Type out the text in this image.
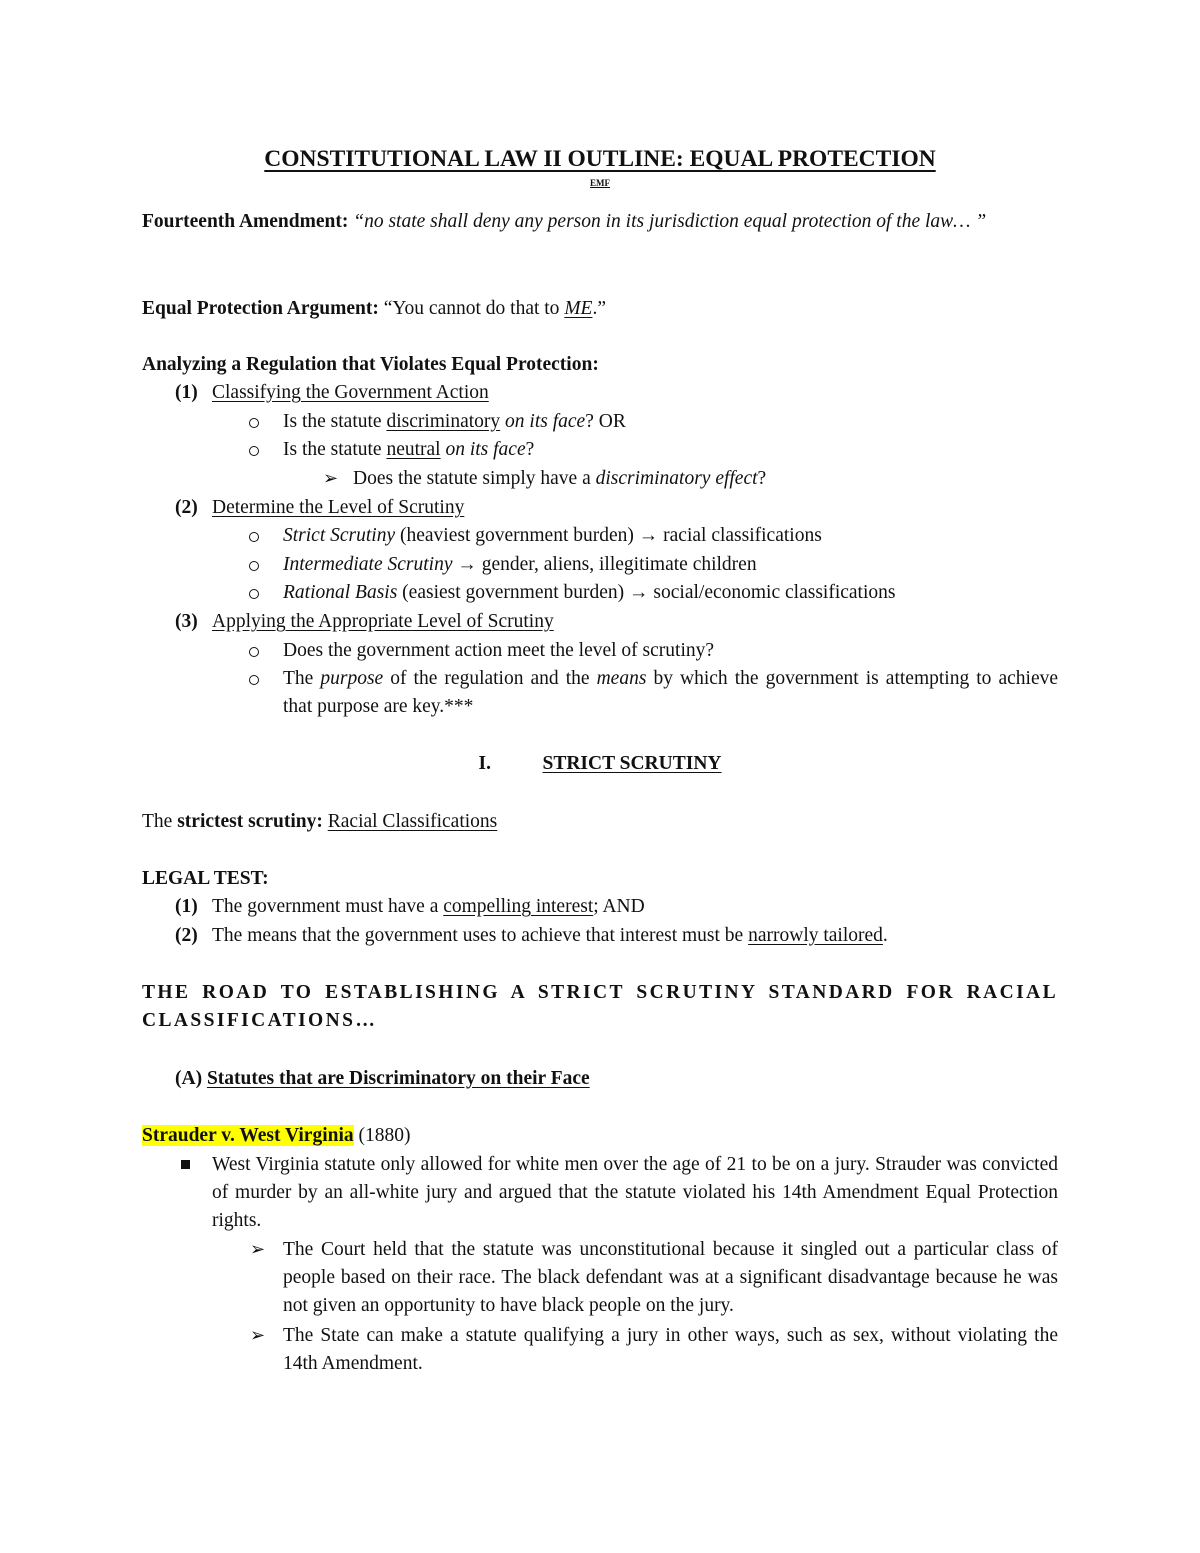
CONSTITUTIONAL LAW II OUTLINE: EQUAL PROTECTION
EMF
Fourteenth Amendment: “no state shall deny any person in its jurisdiction equal protection of the law… ”
Equal Protection Argument: “You cannot do that to ME.”
Analyzing a Regulation that Violates Equal Protection:
(1) Classifying the Government Action
Is the statute discriminatory on its face? OR
Is the statute neutral on its face?
➢ Does the statute simply have a discriminatory effect?
(2) Determine the Level of Scrutiny
Strict Scrutiny (heaviest government burden) → racial classifications
Intermediate Scrutiny → gender, aliens, illegitimate children
Rational Basis (easiest government burden) → social/economic classifications
(3) Applying the Appropriate Level of Scrutiny
Does the government action meet the level of scrutiny?
The purpose of the regulation and the means by which the government is attempting to achieve that purpose are key.***
I.	STRICT SCRUTINY
The strictest scrutiny: Racial Classifications
LEGAL TEST:
(1) The government must have a compelling interest; AND
(2) The means that the government uses to achieve that interest must be narrowly tailored.
THE ROAD TO ESTABLISHING A STRICT SCRUTINY STANDARD FOR RACIAL CLASSIFICATIONS…
(A) Statutes that are Discriminatory on their Face
Strauder v. West Virginia (1880)
West Virginia statute only allowed for white men over the age of 21 to be on a jury. Strauder was convicted of murder by an all-white jury and argued that the statute violated his 14th Amendment Equal Protection rights.
➢ The Court held that the statute was unconstitutional because it singled out a particular class of people based on their race. The black defendant was at a significant disadvantage because he was not given an opportunity to have black people on the jury.
➢ The State can make a statute qualifying a jury in other ways, such as sex, without violating the 14th Amendment.
